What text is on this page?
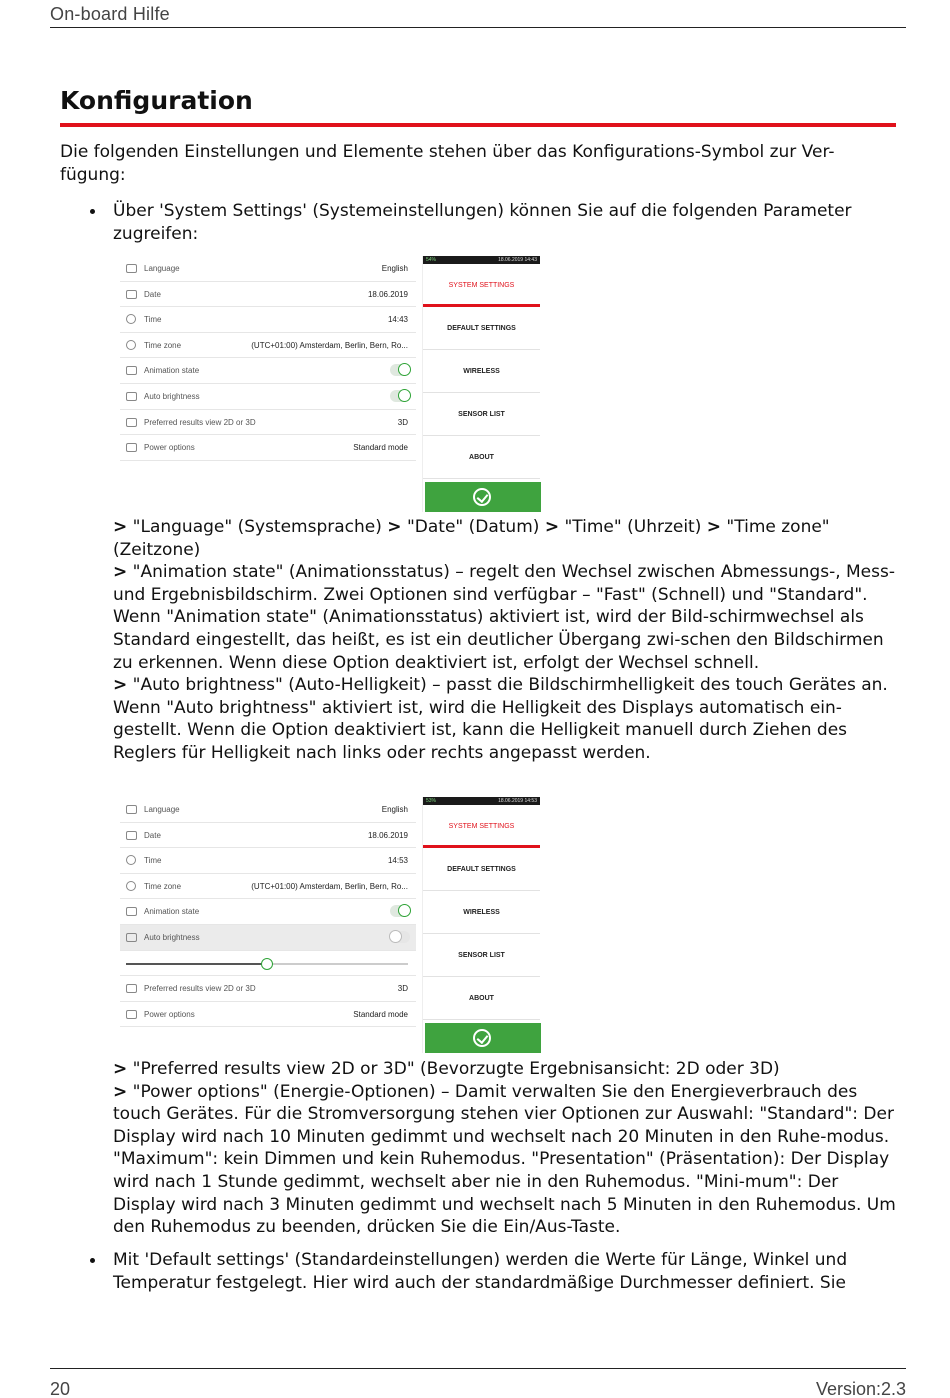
On-board Hilfe
Konfiguration

Die folgenden Einstellungen und Elemente stehen über das Konfigurations-Symbol zur Ver-fügung:

Über 'System Settings' (Systemeinstellungen) können Sie auf die folgenden Parameter zugreifen:

Language	English
Date	18.06.2019
Time	14:43
Time zone	(UTC+01:00) Amsterdam, Berlin, Bern, Ro...
Animation state
Auto brightness
Preferred results view 2D or 3D	3D
Power options	Standard mode
54%	18.06.2019 14:43
SYSTEM SETTINGS
DEFAULT SETTINGS
WIRELESS
SENSOR LIST
ABOUT
> "Language" (Systemsprache) > "Date" (Datum) > "Time" (Uhrzeit) > "Time zone" (Zeitzone)
> "Animation state" (Animationsstatus) – regelt den Wechsel zwischen Abmessungs-, Mess- und Ergebnisbildschirm. Zwei Optionen sind verfügbar – "Fast" (Schnell) und "Standard". Wenn "Animation state" (Animationsstatus) aktiviert ist, wird der Bild-schirmwechsel als Standard eingestellt, das heißt, es ist ein deutlicher Übergang zwi-schen den Bildschirmen zu erkennen. Wenn diese Option deaktiviert ist, erfolgt der Wechsel schnell.
> "Auto brightness" (Auto-Helligkeit) – passt die Bildschirmhelligkeit des touch Gerätes an. Wenn "Auto brightness" aktiviert ist, wird die Helligkeit des Displays automatisch ein-gestellt. Wenn die Option deaktiviert ist, kann die Helligkeit manuell durch Ziehen des Reglers für Helligkeit nach links oder rechts angepasst werden.
Language	English
Date	18.06.2019
Time	14:53
Time zone	(UTC+01:00) Amsterdam, Berlin, Bern, Ro...
Animation state
Auto brightness
Preferred results view 2D or 3D	3D
Power options	Standard mode
53%	18.06.2019 14:53
SYSTEM SETTINGS
DEFAULT SETTINGS
WIRELESS
SENSOR LIST
ABOUT
> "Preferred results view 2D or 3D" (Bevorzugte Ergebnisansicht: 2D oder 3D)
> "Power options" (Energie-Optionen) – Damit verwalten Sie den Energieverbrauch des touch Gerätes. Für die Stromversorgung stehen vier Optionen zur Auswahl: "Standard": Der Display wird nach 10 Minuten gedimmt und wechselt nach 20 Minuten in den Ruhe-modus. "Maximum": kein Dimmen und kein Ruhemodus. "Presentation" (Präsentation): Der Display wird nach 1 Stunde gedimmt, wechselt aber nie in den Ruhemodus. "Mini-mum": Der Display wird nach 3 Minuten gedimmt und wechselt nach 5 Minuten in den Ruhemodus. Um den Ruhemodus zu beenden, drücken Sie die Ein/Aus-Taste.

Mit 'Default settings' (Standardeinstellungen) werden die Werte für Länge, Winkel und Temperatur festgelegt. Hier wird auch der standardmäßige Durchmesser definiert. Sie

20	Version:2.3
